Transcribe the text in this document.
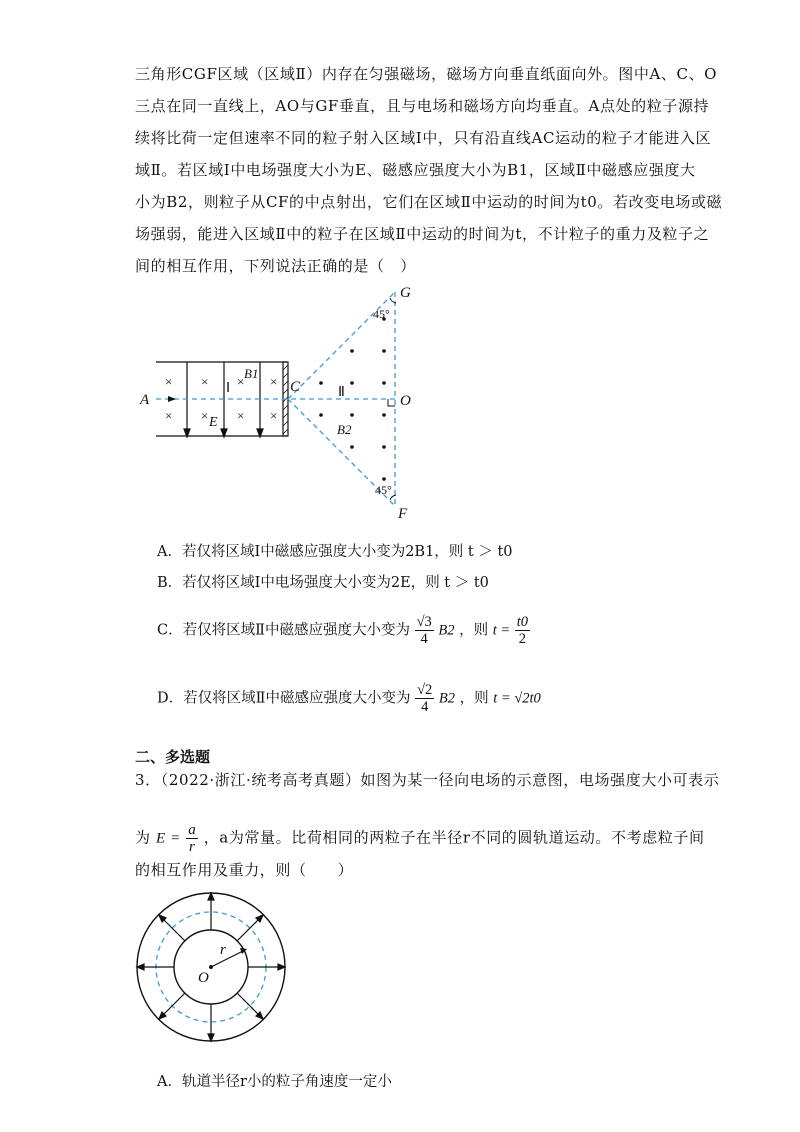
三角形CGF区域（区域Ⅱ）内存在匀强磁场，磁场方向垂直纸面向外。图中A、C、O
三点在同一直线上，AO与GF垂直，且与电场和磁场方向均垂直。A点处的粒子源持
续将比荷一定但速率不同的粒子射入区域Ⅰ中，只有沿直线AC运动的粒子才能进入区
域Ⅱ。若区域Ⅰ中电场强度大小为E、磁感应强度大小为B1，区域Ⅱ中磁感应强度大
小为B2，则粒子从CF的中点射出，它们在区域Ⅱ中运动的时间为t0。若改变电场或磁
场强弱，能进入区域Ⅱ中的粒子在区域Ⅱ中运动的时间为t，不计粒子的重力及粒子之
间的相互作用，下列说法正确的是（　）
× × × ×
× × × ×
A
C
O
G
F
E
B1
B2
Ⅰ	Ⅱ
45°
45°
A．若仅将区域Ⅰ中磁感应强度大小变为2B1，则 t ＞ t0
B．若仅将区域Ⅰ中电场强度大小变为2E，则 t ＞ t0
C．若仅将区域Ⅱ中磁感应强度大小变为 $\frac{√3}{4} B2$ ，则 $t = \frac{t0}{2}$
D．若仅将区域Ⅱ中磁感应强度大小变为 $\frac{√2}{4} B2$ ，则 t = √2t0
二、多选题
3．（2022·浙江·统考高考真题）如图为某一径向电场的示意图，电场强度大小可表示
为 $E = \frac{a}{r}$ ，a为常量。比荷相同的两粒子在半径r不同的圆轨道运动。不考虑粒子间
的相互作用及重力，则（　　）
O
r
A．轨道半径r小的粒子角速度一定小
